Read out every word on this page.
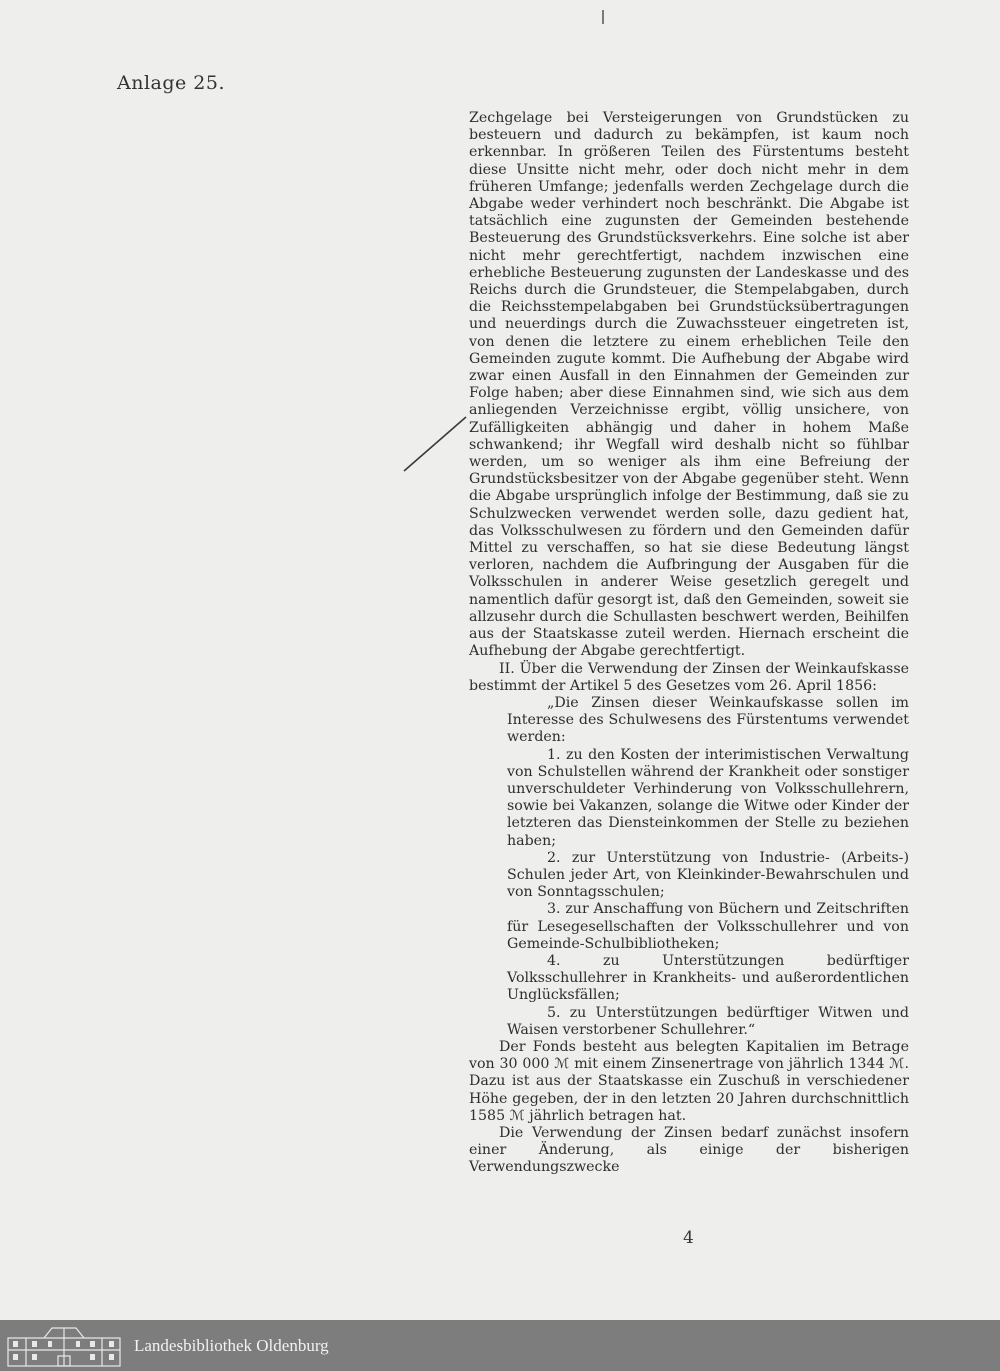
Anlage 25.

Zechgelage bei Versteigerungen von Grundstücken zu besteuern und dadurch zu bekämpfen, ist kaum noch erkennbar. In größeren Teilen des Fürstentums besteht diese Unsitte nicht mehr, oder doch nicht mehr in dem früheren Umfange; jedenfalls werden Zechgelage durch die Abgabe weder verhindert noch beschränkt. Die Abgabe ist tatsächlich eine zugunsten der Gemeinden bestehende Besteuerung des Grundstücksverkehrs. Eine solche ist aber nicht mehr gerechtfertigt, nachdem inzwischen eine erhebliche Besteuerung zugunsten der Landeskasse und des Reichs durch die Grundsteuer, die Stempelabgaben, durch die Reichsstempelabgaben bei Grundstücksübertragungen und neuerdings durch die Zuwachssteuer eingetreten ist, von denen die letztere zu einem erheblichen Teile den Gemeinden zugute kommt. Die Aufhebung der Abgabe wird zwar einen Ausfall in den Einnahmen der Gemeinden zur Folge haben; aber diese Einnahmen sind, wie sich aus dem anliegenden Verzeichnisse ergibt, völlig unsichere, von Zufälligkeiten abhängig und daher in hohem Maße schwankend; ihr Wegfall wird deshalb nicht so fühlbar werden, um so weniger als ihm eine Befreiung der Grundstücksbesitzer von der Abgabe gegenüber steht. Wenn die Abgabe ursprünglich infolge der Bestimmung, daß sie zu Schulzwecken verwendet werden solle, dazu gedient hat, das Volksschulwesen zu fördern und den Gemeinden dafür Mittel zu verschaffen, so hat sie diese Bedeutung längst verloren, nachdem die Aufbringung der Ausgaben für die Volksschulen in anderer Weise gesetzlich geregelt und namentlich dafür gesorgt ist, daß den Gemeinden, soweit sie allzusehr durch die Schullasten beschwert werden, Beihilfen aus der Staatskasse zuteil werden. Hiernach erscheint die Aufhebung der Abgabe gerechtfertigt.

II. Über die Verwendung der Zinsen der Weinkaufskasse bestimmt der Artikel 5 des Gesetzes vom 26. April 1856:

„Die Zinsen dieser Weinkaufskasse sollen im Interesse des Schulwesens des Fürstentums verwendet werden:

1. zu den Kosten der interimistischen Verwaltung von Schulstellen während der Krankheit oder sonstiger unverschuldeter Verhinderung von Volksschullehrern, sowie bei Vakanzen, solange die Witwe oder Kinder der letzteren das Diensteinkommen der Stelle zu beziehen haben;

2. zur Unterstützung von Industrie- (Arbeits-) Schulen jeder Art, von Kleinkinder-Bewahrschulen und von Sonntagsschulen;

3. zur Anschaffung von Büchern und Zeitschriften für Lesegesellschaften der Volksschullehrer und von Gemeinde-Schulbibliotheken;

4. zu Unterstützungen bedürftiger Volksschullehrer in Krankheits- und außerordentlichen Unglücksfällen;

5. zu Unterstützungen bedürftiger Witwen und Waisen verstorbener Schullehrer.“

Der Fonds besteht aus belegten Kapitalien im Betrage von 30 000 ℳ mit einem Zinsenertrage von jährlich 1344 ℳ. Dazu ist aus der Staatskasse ein Zuschuß in verschiedener Höhe gegeben, der in den letzten 20 Jahren durchschnittlich 1585 ℳ jährlich betragen hat.

Die Verwendung der Zinsen bedarf zunächst insofern einer Änderung, als einige der bisherigen Verwendungszwecke

4
Landesbibliothek Oldenburg
